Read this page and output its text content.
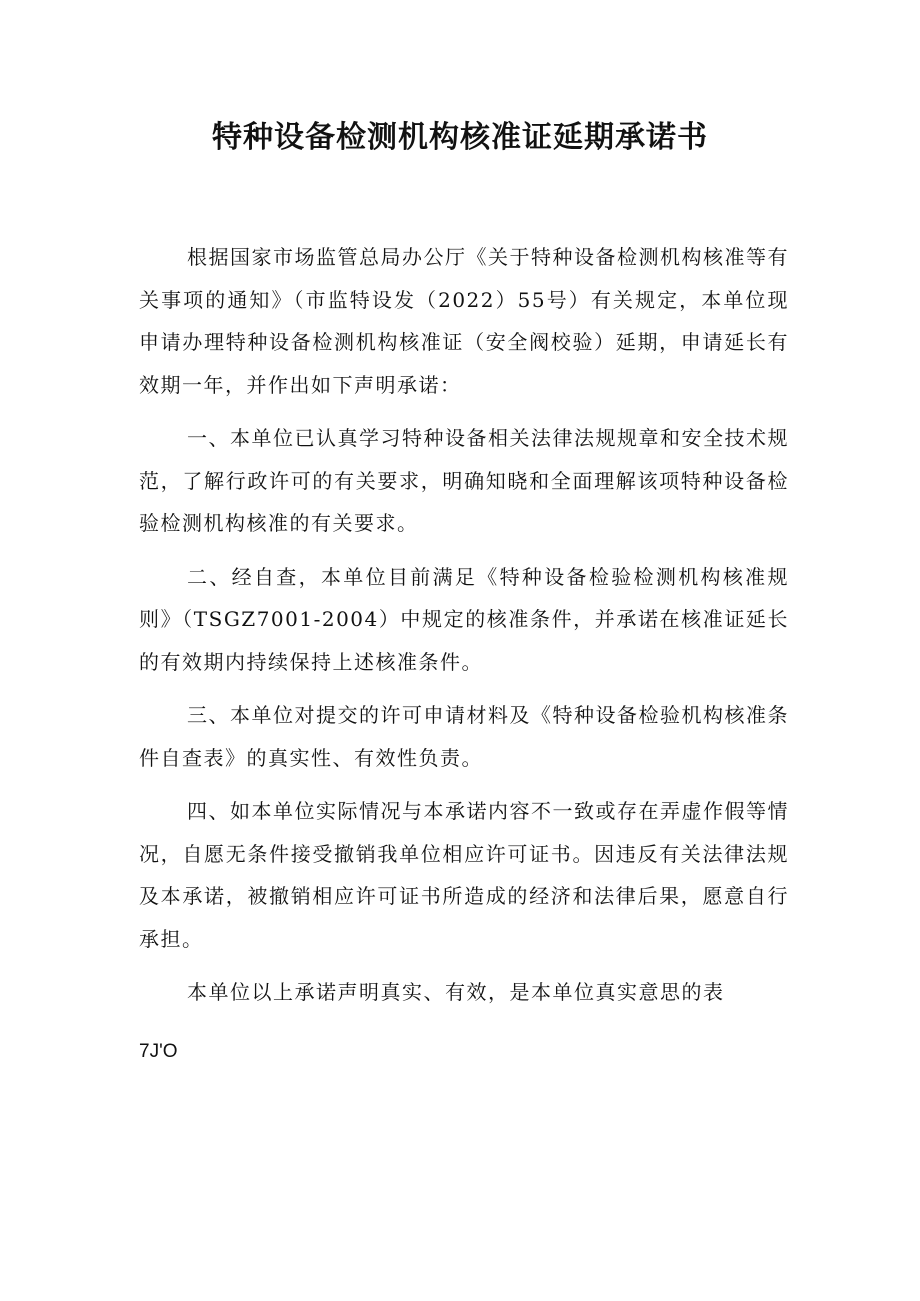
特种设备检测机构核准证延期承诺书

根据国家市场监管总局办公厅《关于特种设备检测机构核准等有关事项的通知》（市监特设发（2022）55号）有关规定，本单位现申请办理特种设备检测机构核准证（安全阀校验）延期，申请延长有效期一年，并作出如下声明承诺：

一、本单位已认真学习特种设备相关法律法规规章和安全技术规范，了解行政许可的有关要求，明确知晓和全面理解该项特种设备检验检测机构核准的有关要求。

二、经自查，本单位目前满足《特种设备检验检测机构核准规则》（TSGZ7001-2004）中规定的核准条件，并承诺在核准证延长的有效期内持续保持上述核准条件。

三、本单位对提交的许可申请材料及《特种设备检验机构核准条件自查表》的真实性、有效性负责。

四、如本单位实际情况与本承诺内容不一致或存在弄虚作假等情况，自愿无条件接受撤销我单位相应许可证书。因违反有关法律法规及本承诺，被撤销相应许可证书所造成的经济和法律后果，愿意自行承担。

本单位以上承诺声明真实、有效，是本单位真实意思的表

7J'O
